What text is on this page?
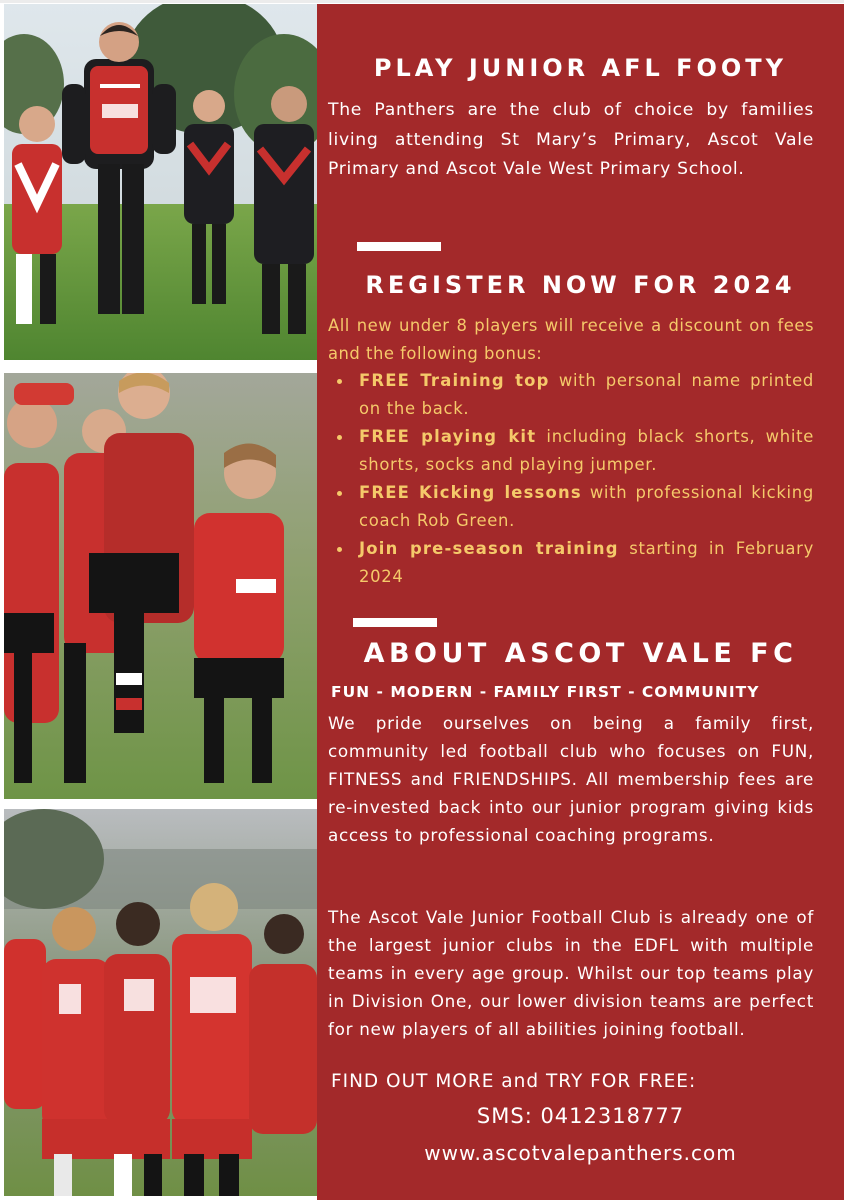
PLAY JUNIOR AFL FOOTY
The Panthers are the club of choice by families living attending St Mary’s Primary, Ascot Vale Primary and Ascot Vale West Primary School.
REGISTER NOW FOR 2024
All new under 8 players will receive a discount on fees and the following bonus:
FREE Training top with personal name printed on the back.
FREE playing kit including black shorts, white shorts, socks and playing jumper.
FREE Kicking lessons with professional kicking coach Rob Green.
Join pre-season training starting in February 2024
ABOUT ASCOT VALE FC
FUN - MODERN - FAMILY FIRST - COMMUNITY
We pride ourselves on being a family first, community led football club who focuses on FUN, FITNESS and FRIENDSHIPS. All membership fees are re-invested back into our junior program giving kids access to professional coaching programs.
The Ascot Vale Junior Football Club is already one of the largest junior clubs in the EDFL with multiple teams in every age group. Whilst our top teams play in Division One, our lower division teams are perfect for new players of all abilities joining football.
FIND OUT MORE and TRY FOR FREE:
SMS: 0412318777
www.ascotvalepanthers.com
